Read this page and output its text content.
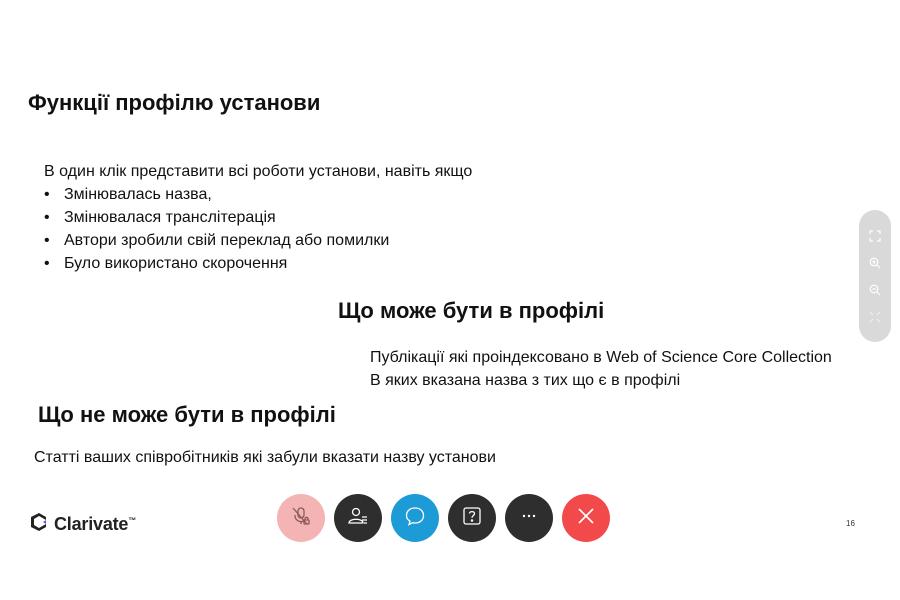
Функції профілю установи
В один клік представити всі роботи установи, навіть якщо
• Змінювалась назва,
• Змінювалася транслітерація
• Автори зробили свій переклад або помилки
• Було використано скорочення
Що може бути в профілі
Публікації які проіндексовано в Web of Science Core Collection
В яких вказана назва з тих що є в профілі
Що не може бути в профілі
Статті ваших співробітників які забули вказати назву установи
Clarivate™	16
